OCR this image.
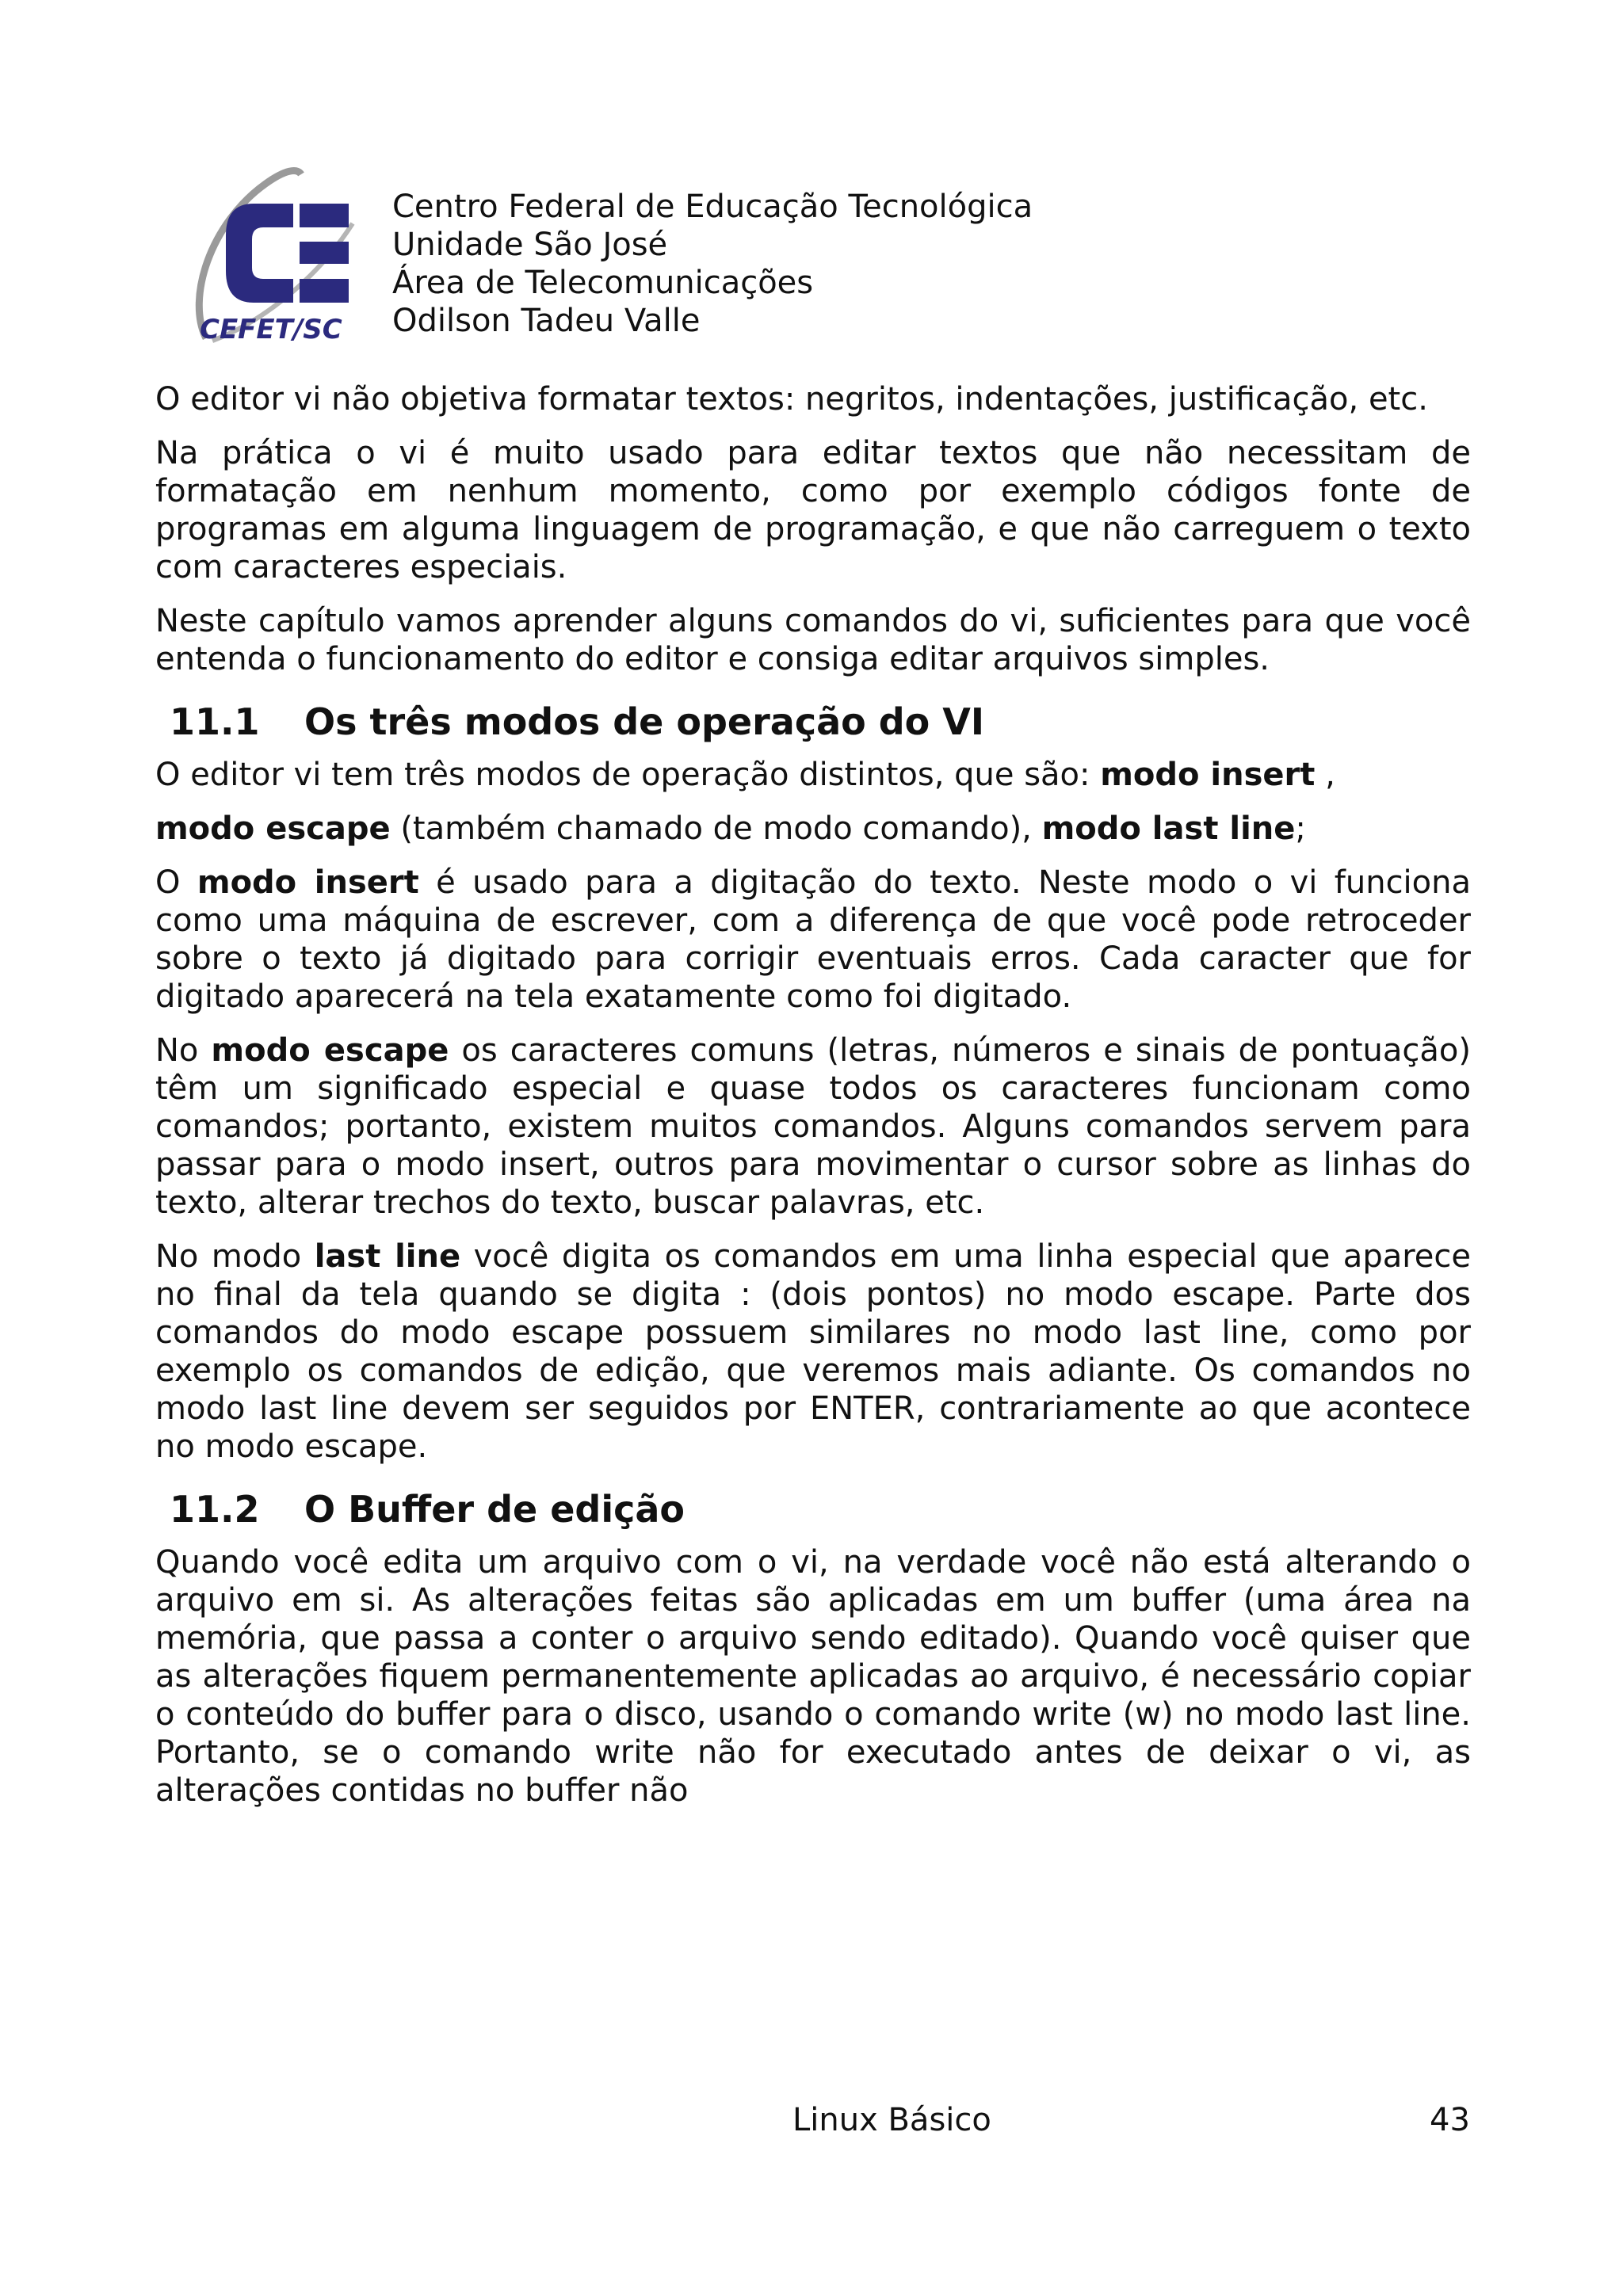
CEFET/SC
Centro Federal de Educação Tecnológica
Unidade São José
Área de Telecomunicações
Odilson Tadeu Valle

O editor vi não objetiva formatar textos: negritos, indentações, justificação, etc.

Na prática o vi é muito usado para editar textos que não necessitam de formatação em nenhum momento, como por exemplo códigos fonte de programas em alguma linguagem de programação, e que não carreguem o texto com caracteres especiais.

Neste capítulo vamos aprender alguns comandos do vi, suficientes para que você entenda o funcionamento do editor e consiga editar arquivos simples.

11.1 Os três modos de operação do VI

O editor vi tem três modos de operação distintos, que são: modo insert ,

modo escape (também chamado de modo comando), modo last line;

O modo insert é usado para a digitação do texto. Neste modo o vi funciona como uma máquina de escrever, com a diferença de que você pode retroceder sobre o texto já digitado para corrigir eventuais erros. Cada caracter que for digitado aparecerá na tela exatamente como foi digitado.

No modo escape os caracteres comuns (letras, números e sinais de pontuação) têm um significado especial e quase todos os caracteres funcionam como comandos; portanto, existem muitos comandos. Alguns comandos servem para passar para o modo insert, outros para movimentar o cursor sobre as linhas do texto, alterar trechos do texto, buscar palavras, etc.

No modo last line você digita os comandos em uma linha especial que aparece no final da tela quando se digita : (dois pontos) no modo escape. Parte dos comandos do modo escape possuem similares no modo last line, como por exemplo os comandos de edição, que veremos mais adiante. Os comandos no modo last line devem ser seguidos por ENTER, contrariamente ao que acontece no modo escape.

11.2 O Buffer de edição

Quando você edita um arquivo com o vi, na verdade você não está alterando o arquivo em si. As alterações feitas são aplicadas em um buffer (uma área na memória, que passa a conter o arquivo sendo editado). Quando você quiser que as alterações fiquem permanentemente aplicadas ao arquivo, é necessário copiar o conteúdo do buffer para o disco, usando o comando write (w) no modo last line. Portanto, se o comando write não for executado antes de deixar o vi, as alterações contidas no buffer não

Linux Básico	43
